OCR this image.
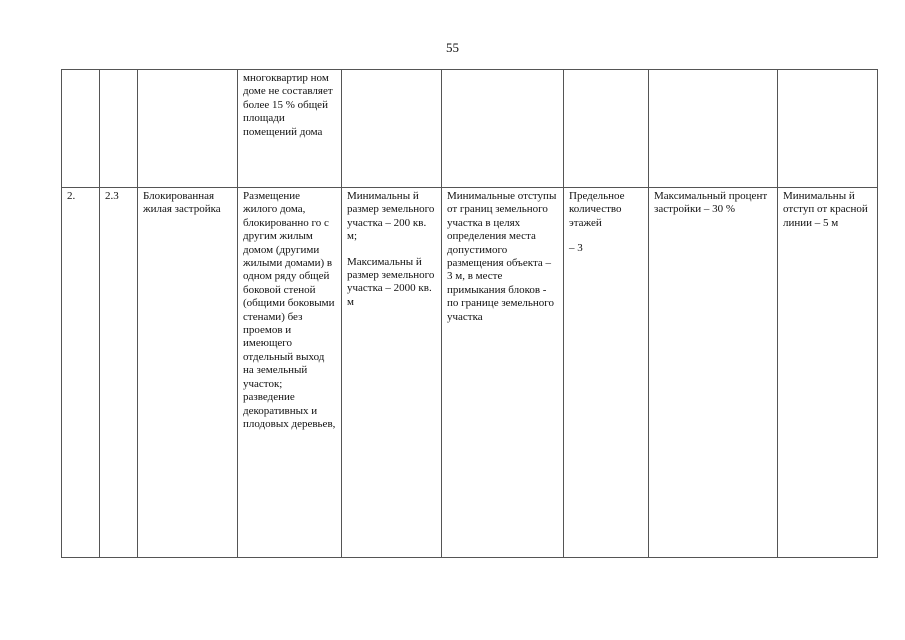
55
			многоквартир ном доме не составляет более 15 % общей площади помещений дома					
2.	2.3	Блокированная жилая застройка	Размещение жилого дома, блокированно го с другим жилым домом (другими жилыми домами) в одном ряду общей боковой стеной (общими боковыми стенами) без проемов и имеющего отдельный выход на земельный участок; разведение декоративных и плодовых деревьев,	Минимальны й размер земельного участка – 200 кв. м;
Максимальны й размер земельного участка – 2000 кв. м	Минимальные отступы от границ земельного участка в целях определения места допустимого размещения объекта – 3 м, в месте примыкания блоков - по границе земельного участка	Предельное количество этажей
– 3	Максимальный процент застройки – 30 %	Минимальны й отступ от красной линии – 5 м
